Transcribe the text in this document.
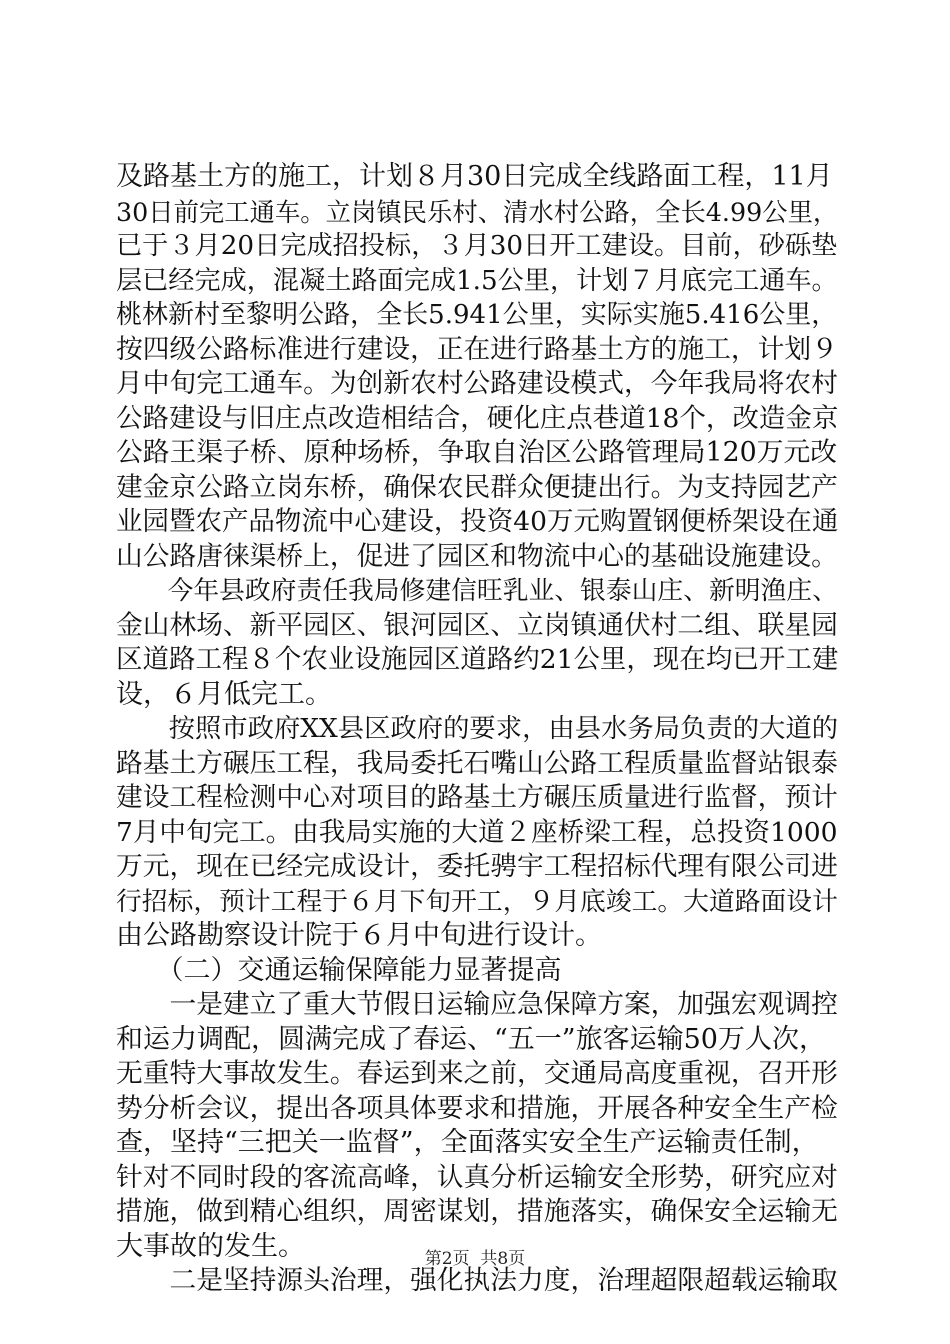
及路基土方的施工，计划８月30日完成全线路面工程，11月
30日前完工通车。立岗镇民乐村、清水村公路，全长4.99公里，
已于３月20日完成招投标，３月30日开工建设。目前，砂砾垫
层已经完成，混凝土路面完成1.5公里，计划７月底完工通车。
桃林新村至黎明公路，全长5.941公里，实际实施5.416公里，
按四级公路标准进行建设，正在进行路基土方的施工，计划９
月中旬完工通车。为创新农村公路建设模式，今年我局将农村
公路建设与旧庄点改造相结合，硬化庄点巷道18个，改造金京
公路王渠子桥、原种场桥，争取自治区公路管理局120万元改
建金京公路立岗东桥，确保农民群众便捷出行。为支持园艺产
业园暨农产品物流中心建设，投资40万元购置钢便桥架设在通
山公路唐徕渠桥上，促进了园区和物流中心的基础设施建设。
　　今年县政府责任我局修建信旺乳业、银泰山庄、新明渔庄、
金山林场、新平园区、银河园区、立岗镇通伏村二组、联星园
区道路工程８个农业设施园区道路约21公里，现在均已开工建
设，６月低完工。
　　按照市政府XX县区政府的要求，由县水务局负责的大道的
路基土方碾压工程，我局委托石嘴山公路工程质量监督站银泰
建设工程检测中心对项目的路基土方碾压质量进行监督，预计
7月中旬完工。由我局实施的大道２座桥梁工程，总投资1000
万元，现在已经完成设计，委托骋宇工程招标代理有限公司进
行招标，预计工程于６月下旬开工，９月底竣工。大道路面设计
由公路勘察设计院于６月中旬进行设计。
　　（二）交通运输保障能力显著提高
　　一是建立了重大节假日运输应急保障方案，加强宏观调控
和运力调配，圆满完成了春运、“五一”旅客运输50万人次，
无重特大事故发生。春运到来之前，交通局高度重视，召开形
势分析会议，提出各项具体要求和措施，开展各种安全生产检
查，坚持“三把关一监督”，全面落实安全生产运输责任制，
针对不同时段的客流高峰，认真分析运输安全形势，研究应对
措施，做到精心组织，周密谋划，措施落实，确保安全运输无
大事故的发生。
　　二是坚持源头治理，强化执法力度，治理超限超载运输取
第2页  共8页
